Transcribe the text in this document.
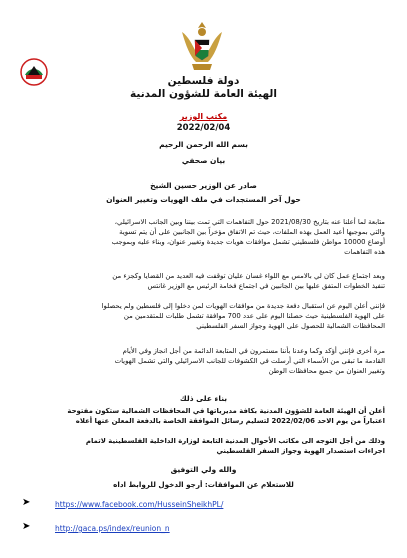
دولة فلسطين
الهيئة العامة للشؤون المدنية
مكتب الوزير
2022/02/04
بسم الله الرحمن الرحيم
بيان صحفي
صادر عن الوزير حسين الشيخ
حول آخر المستجدات في ملف الهويات وتغيير العنوان
متابعة لما أعلنا عنه بتاريخ 2021/08/30 حول التفاهمات التي تمت بيننا وبين الجانب الاسرائيلي،
والتي بموجبها أعيد العمل بهذه الملفات، حيث تم الاتفاق مؤخراً بين الجانبين على أن يتم تسوية
أوضاع 10000 مواطن فلسطيني تشمل موافقات هويات جديدة وتغيير عنوان، وبناء عليه وبموجب
هذه التفاهمات
وبعد اجتماع عمل كان لي بالامس مع اللواء غسان عليان توقفت فيه العديد من القضايا وكجزء من
تنفيذ الخطوات المتفق عليها بين الجانبين في اجتماع فخامة الرئيس مع الوزير غانتس
فإنني أعلن اليوم عن استقبال دفعة جديدة من موافقات الهويات لمن دخلوا إلى فلسطين ولم يحصلوا
على الهوية الفلسطينية حيث حصلنا اليوم على عدد 700 موافقة تشمل طلبات للمتقدمين من
المحافظات الشمالية للحصول على الهوية وجواز السفر الفلسطيني
مرة أخرى فإنني أؤكد وكما وعدنا بأننا مستمرون في المتابعة الدائمة من أجل انجاز وفي الأيام
القادمة ما تبقى من الأسماء التي أرسلت في الكشوفات للجانب الاسرائيلي والتي تشمل الهويات
وتغيير العنوان من جميع محافظات الوطن
بناء على ذلك
أعلن أن الهيئة العامة للشؤون المدنية بكافة مديرياتها في المحافظات الشمالية ستكون مفتوحة
اعتباراً من يوم الاحد 2022/02/06 لتسليم رسائل الموافقة الخاصة بالدفعة المعلن عنها أعلاه
وذلك من أجل التوجه الى مكاتب الأحوال المدنية التابعة لوزارة الداخلية الفلسطينية لاتمام
اجراءات استصدار الهوية وجواز السفر الفلسطيني
والله ولي التوفيق
للاستعلام عن الموافقات: أرجو الدخول للروابط اداه
➤	https://www.facebook.com/HusseinSheikhPL/
➤	http://gaca.ps/index/reunion_n
